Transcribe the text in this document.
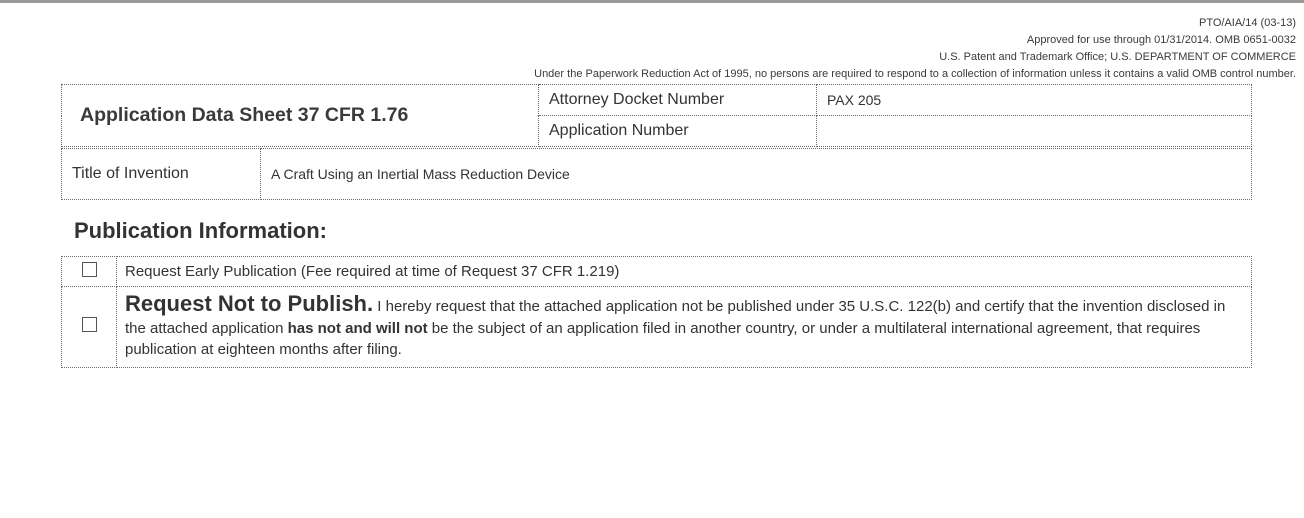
PTO/AIA/14 (03-13)
Approved for use through 01/31/2014. OMB 0651-0032
U.S. Patent and Trademark Office; U.S. DEPARTMENT OF COMMERCE
Under the Paperwork Reduction Act of 1995, no persons are required to respond to a collection of information unless it contains a valid OMB control number.
Application Data Sheet 37 CFR 1.76	Attorney Docket Number	PAX 205
	Application Number	
Title of Invention	A Craft Using an Inertial Mass Reduction Device
Publication Information:
	Request Early Publication (Fee required at time of Request 37 CFR 1.219)

	Request Not to Publish. I hereby request that the attached application not be published under 35 U.S.C. 122(b) and certify that the invention disclosed in the attached application has not and will not be the subject of an application filed in another country, or under a multilateral international agreement, that requires publication at eighteen months after filing.
